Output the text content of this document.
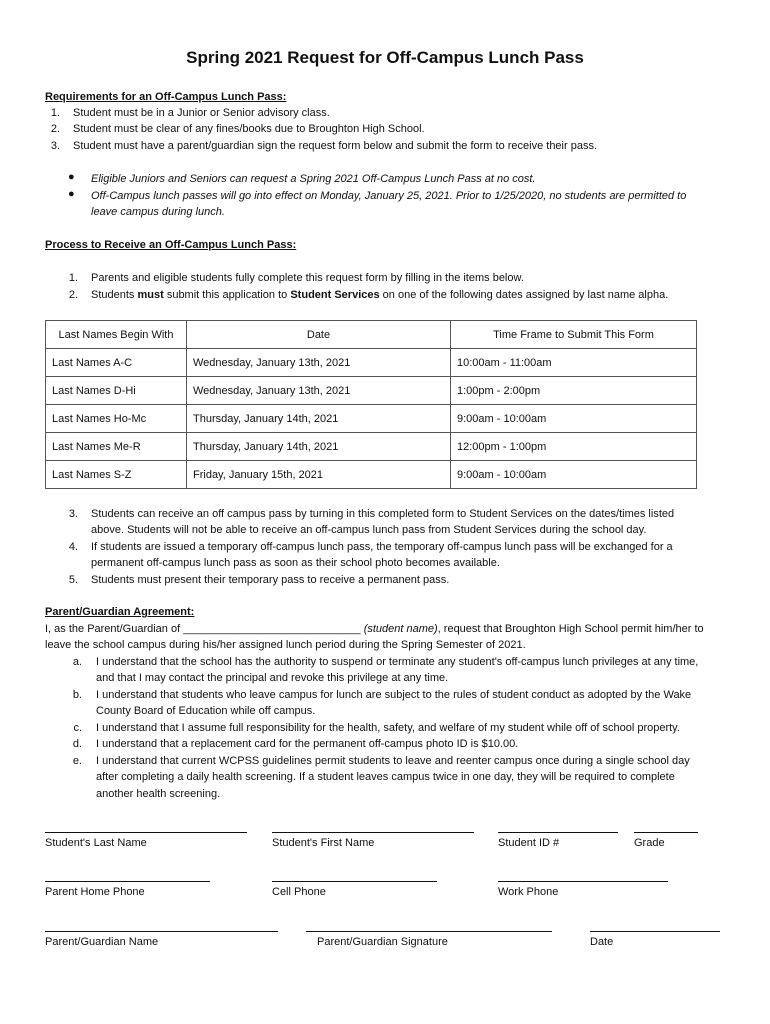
Spring 2021 Request for Off-Campus Lunch Pass
Requirements for an Off-Campus Lunch Pass:
1. Student must be in a Junior or Senior advisory class.
2. Student must be clear of any fines/books due to Broughton High School.
3. Student must have a parent/guardian sign the request form below and submit the form to receive their pass.
● Eligible Juniors and Seniors can request a Spring 2021 Off-Campus Lunch Pass at no cost.
● Off-Campus lunch passes will go into effect on Monday, January 25, 2021. Prior to 1/25/2020, no students are permitted to
leave campus during lunch.
Process to Receive an Off-Campus Lunch Pass:
1. Parents and eligible students fully complete this request form by filling in the items below.
2. Students must submit this application to Student Services on one of the following dates assigned by last name alpha.
Last Names Begin With	Date	Time Frame to Submit This Form
Last Names A-C	Wednesday, January 13th, 2021	10:00am - 11:00am
Last Names D-Hi	Wednesday, January 13th, 2021	1:00pm - 2:00pm
Last Names Ho-Mc	Thursday, January 14th, 2021	9:00am - 10:00am
Last Names Me-R	Thursday, January 14th, 2021	12:00pm - 1:00pm
Last Names S-Z	Friday, January 15th, 2021	9:00am - 10:00am
3. Students can receive an off campus pass by turning in this completed form to Student Services on the dates/times listed
above. Students will not be able to receive an off-campus lunch pass from Student Services during the school day.
4. If students are issued a temporary off-campus lunch pass, the temporary off-campus lunch pass will be exchanged for a
permanent off-campus lunch pass as soon as their school photo becomes available.
5. Students must present their temporary pass to receive a permanent pass.
Parent/Guardian Agreement:
I, as the Parent/Guardian of _____________________________ (student name), request that Broughton High School permit him/her to
leave the school campus during his/her assigned lunch period during the Spring Semester of 2021.
a. I understand that the school has the authority to suspend or terminate any student's off-campus lunch privileges at any time,
and that I may contact the principal and revoke this privilege at any time.
b. I understand that students who leave campus for lunch are subject to the rules of student conduct as adopted by the Wake
County Board of Education while off campus.
c. I understand that I assume full responsibility for the health, safety, and welfare of my student while off of school property.
d. I understand that a replacement card for the permanent off-campus photo ID is $10.00.
e. I understand that current WCPSS guidelines permit students to leave and reenter campus once during a single school day
after completing a daily health screening. If a student leaves campus twice in one day, they will be required to complete
another health screening.
Student's Last Name	Student's First Name	Student ID #	Grade
Parent Home Phone	Cell Phone	Work Phone
Parent/Guardian Name	Parent/Guardian Signature	Date
